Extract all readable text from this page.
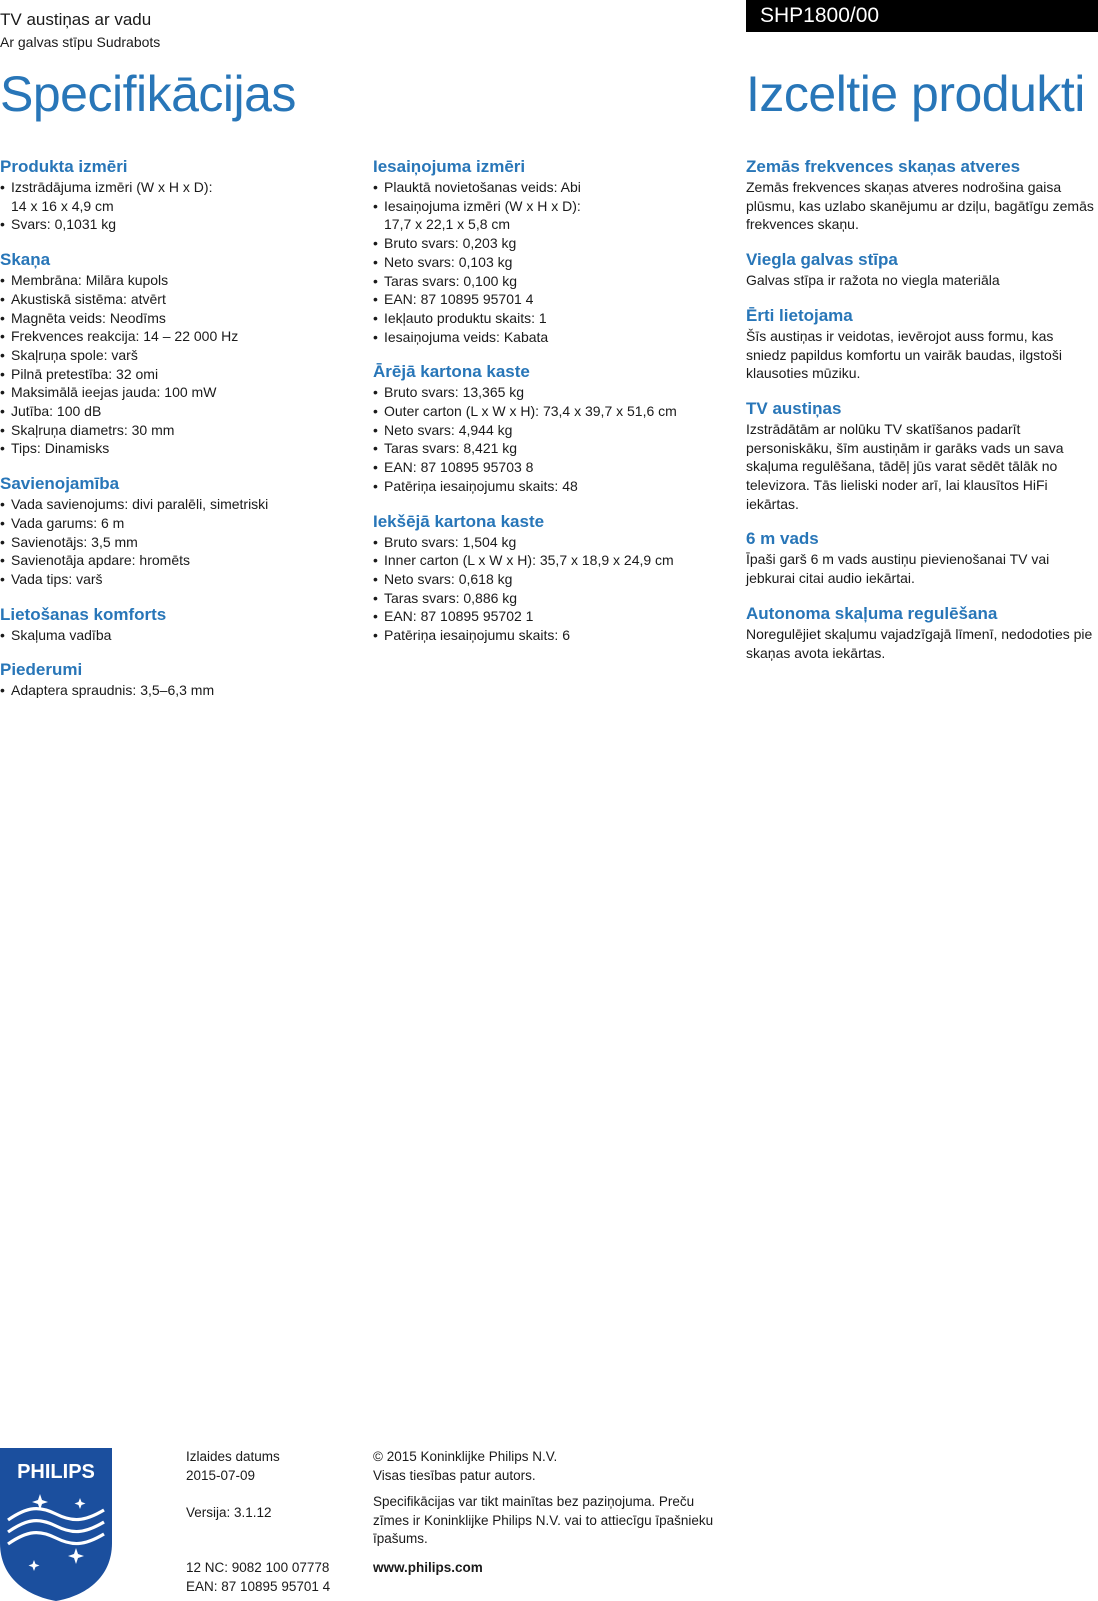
TV austiņas ar vadu
Ar galvas stīpu Sudrabots
SHP1800/00
Specifikācijas	Izceltie produkti
Produkta izmēri
• Izstrādājuma izmēri (W x H x D):
14 x 16 x 4,9 cm
• Svars: 0,1031 kg
Skaņa
• Membrāna: Milāra kupols
• Akustiskā sistēma: atvērt
• Magnēta veids: Neodīms
• Frekvences reakcija: 14 – 22 000 Hz
• Skaļruņa spole: varš
• Pilnā pretestība: 32 omi
• Maksimālā ieejas jauda: 100 mW
• Jutība: 100 dB
• Skaļruņa diametrs: 30 mm
• Tips: Dinamisks
Savienojamība
• Vada savienojums: divi paralēli, simetriski
• Vada garums: 6 m
• Savienotājs: 3,5 mm
• Savienotāja apdare: hromēts
• Vada tips: varš
Lietošanas komforts
• Skaļuma vadība
Piederumi
• Adaptera spraudnis: 3,5–6,3 mm
Iesaiņojuma izmēri
• Plauktā novietošanas veids: Abi
• Iesaiņojuma izmēri (W x H x D):
17,7 x 22,1 x 5,8 cm
• Bruto svars: 0,203 kg
• Neto svars: 0,103 kg
• Taras svars: 0,100 kg
• EAN: 87 10895 95701 4
• Iekļauto produktu skaits: 1
• Iesaiņojuma veids: Kabata
Ārējā kartona kaste
• Bruto svars: 13,365 kg
• Outer carton (L x W x H): 73,4 x 39,7 x 51,6 cm
• Neto svars: 4,944 kg
• Taras svars: 8,421 kg
• EAN: 87 10895 95703 8
• Patēriņa iesaiņojumu skaits: 48
Iekšējā kartona kaste
• Bruto svars: 1,504 kg
• Inner carton (L x W x H): 35,7 x 18,9 x 24,9 cm
• Neto svars: 0,618 kg
• Taras svars: 0,886 kg
• EAN: 87 10895 95702 1
• Patēriņa iesaiņojumu skaits: 6
Zemās frekvences skaņas atveres

Zemās frekvences skaņas atveres nodrošina gaisa plūsmu, kas uzlabo skanējumu ar dziļu, bagātīgu zemās frekvences skaņu.

Viegla galvas stīpa

Galvas stīpa ir ražota no viegla materiāla

Ērti lietojama

Šīs austiņas ir veidotas, ievērojot auss formu, kas sniedz papildus komfortu un vairāk baudas, ilgstoši klausoties mūziku.

TV austiņas

Izstrādātām ar nolūku TV skatīšanos padarīt personiskāku, šīm austiņām ir garāks vads un sava skaļuma regulēšana, tādēļ jūs varat sēdēt tālāk no televizora. Tās lieliski noder arī, lai klausītos HiFi iekārtas.

6 m vads

Īpaši garš 6 m vads austiņu pievienošanai TV vai jebkurai citai audio iekārtai.

Autonoma skaļuma regulēšana

Noregulējiet skaļumu vajadzīgajā līmenī, nedodoties pie skaņas avota iekārtas.

PHILIPS
Izlaides datums
2015-07-09
Versija: 3.1.12
12 NC: 9082 100 07778
EAN: 87 10895 95701 4
© 2015 Koninklijke Philips N.V.
Visas tiesības patur autors.
Specifikācijas var tikt mainītas bez paziņojuma. Preču zīmes ir Koninklijke Philips N.V. vai to attiecīgu īpašnieku īpašums.
www.philips.com
